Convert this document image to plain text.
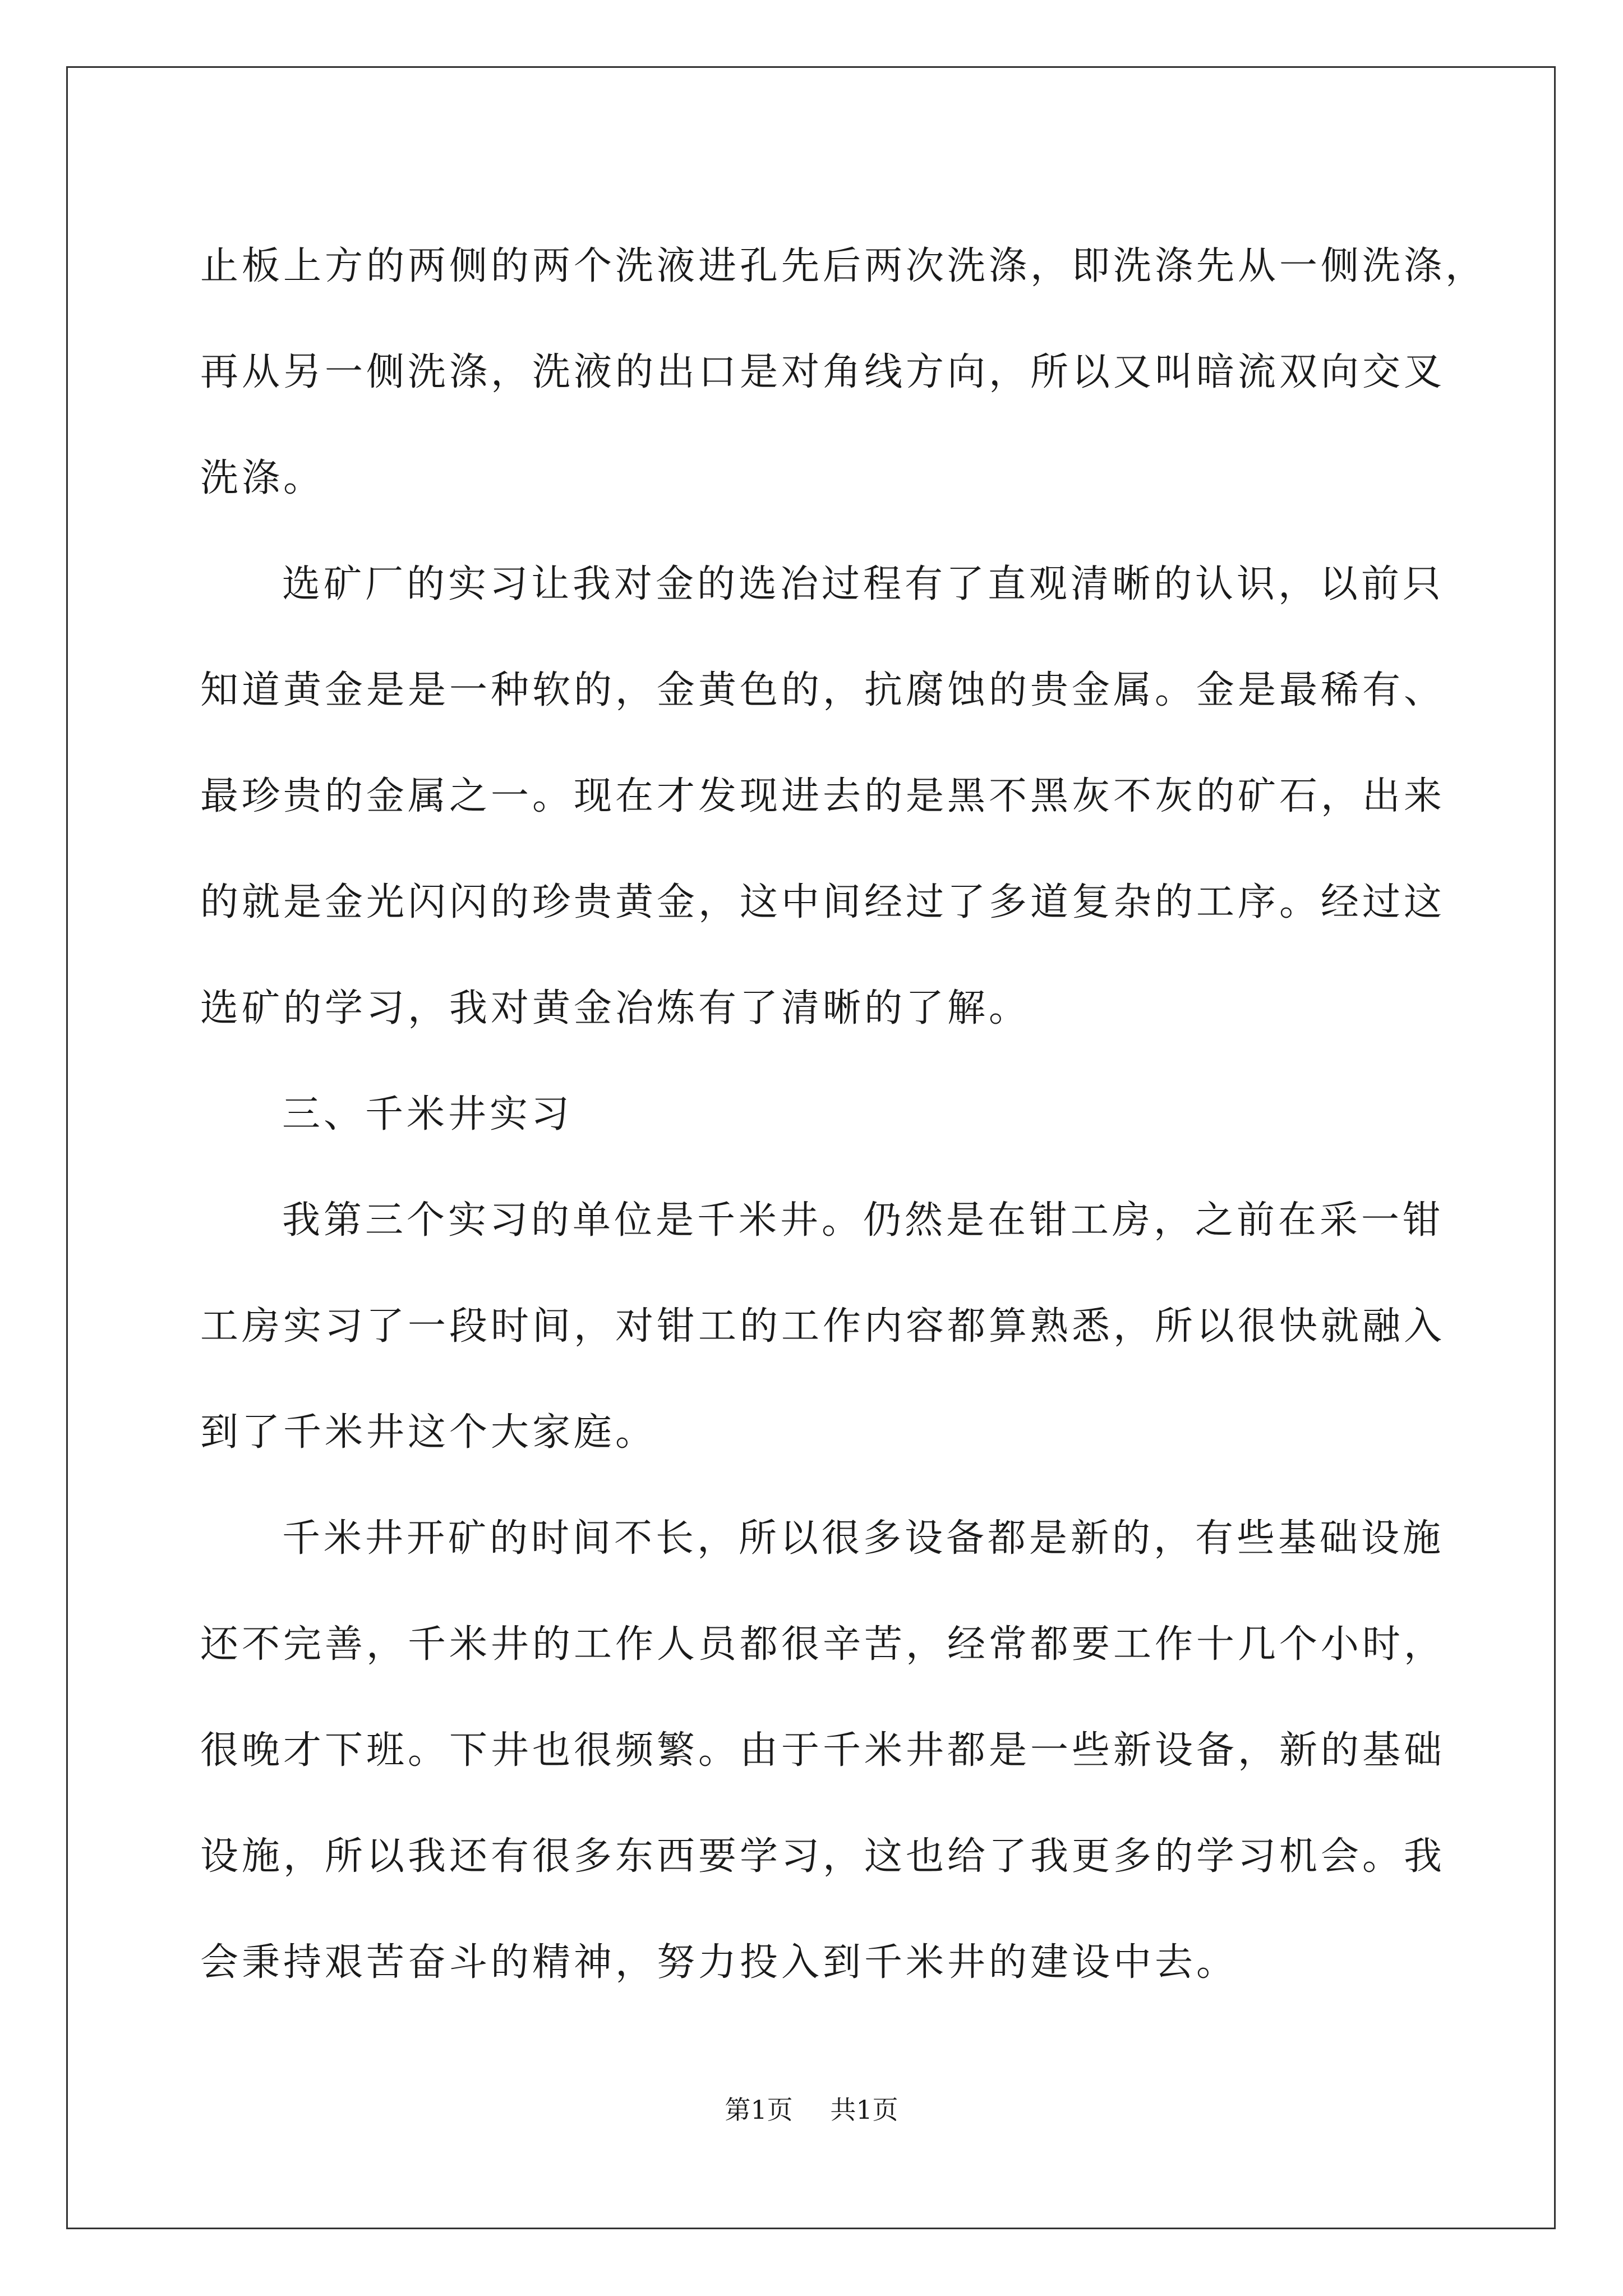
止板上方的两侧的两个洗液进孔先后两次洗涤，即洗涤先从一侧洗涤，
再从另一侧洗涤，洗液的出口是对角线方向，所以又叫暗流双向交叉
洗涤。

选矿厂的实习让我对金的选冶过程有了直观清晰的认识，以前只
知道黄金是是一种软的，金黄色的，抗腐蚀的贵金属。金是最稀有、
最珍贵的金属之一。现在才发现进去的是黑不黑灰不灰的矿石，出来
的就是金光闪闪的珍贵黄金，这中间经过了多道复杂的工序。经过这
选矿的学习，我对黄金冶炼有了清晰的了解。

三、千米井实习

我第三个实习的单位是千米井。仍然是在钳工房，之前在采一钳
工房实习了一段时间，对钳工的工作内容都算熟悉，所以很快就融入
到了千米井这个大家庭。

千米井开矿的时间不长，所以很多设备都是新的，有些基础设施
还不完善，千米井的工作人员都很辛苦，经常都要工作十几个小时，
很晚才下班。下井也很频繁。由于千米井都是一些新设备，新的基础
设施，所以我还有很多东西要学习，这也给了我更多的学习机会。我
会秉持艰苦奋斗的精神，努力投入到千米井的建设中去。

第1页 共1页
